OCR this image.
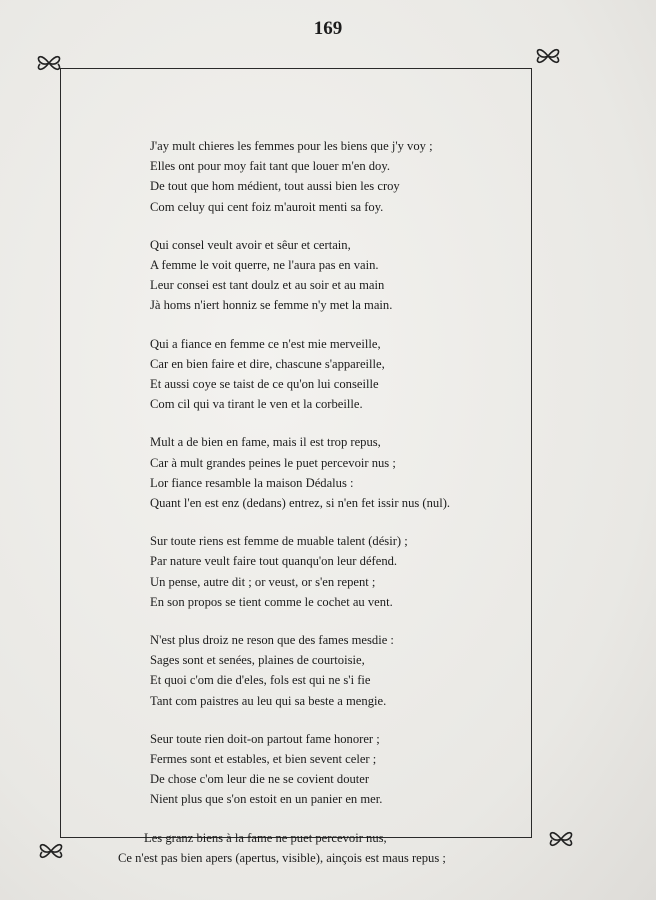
169
J'ay mult chieres les femmes pour les biens que j'y voy ;
Elles ont pour moy fait tant que louer m'en doy.
De tout que hom médient, tout aussi bien les croy
Com celuy qui cent foiz m'auroit menti sa foy.
Qui consel veult avoir et sêur et certain,
A femme le voit querre, ne l'aura pas en vain.
Leur consei est tant doulz et au soir et au main
Jà homs n'iert honniz se femme n'y met la main.
Qui a fiance en femme ce n'est mie merveille,
Car en bien faire et dire, chascune s'appareille,
Et aussi coye se taist de ce qu'on lui conseille
Com cil qui va tirant le ven et la corbeille.
Mult a de bien en fame, mais il est trop repus,
Car à mult grandes peines le puet percevoir nus ;
Lor fiance resamble la maison Dédalus :
Quant l'en est enz (dedans) entrez, si n'en fet issir nus (nul).
Sur toute riens est femme de muable talent (désir) ;
Par nature veult faire tout quanqu'on leur défend.
Un pense, autre dit ; or veust, or s'en repent ;
En son propos se tient comme le cochet au vent.
N'est plus droiz ne reson que des fames mesdie :
Sages sont et senées, plaines de courtoisie,
Et quoi c'om die d'eles, fols est qui ne s'i fie
Tant com paistres au leu qui sa beste a mengie.
Seur toute rien doit-on partout fame honorer ;
Fermes sont et estables, et bien sevent celer ;
De chose c'om leur die ne se covient douter
Nient plus que s'on estoit en un panier en mer.
Les granz biens à la fame ne puet percevoir nus,
Ce n'est pas bien apers (apertus, visible), ainçois est maus repus ;
